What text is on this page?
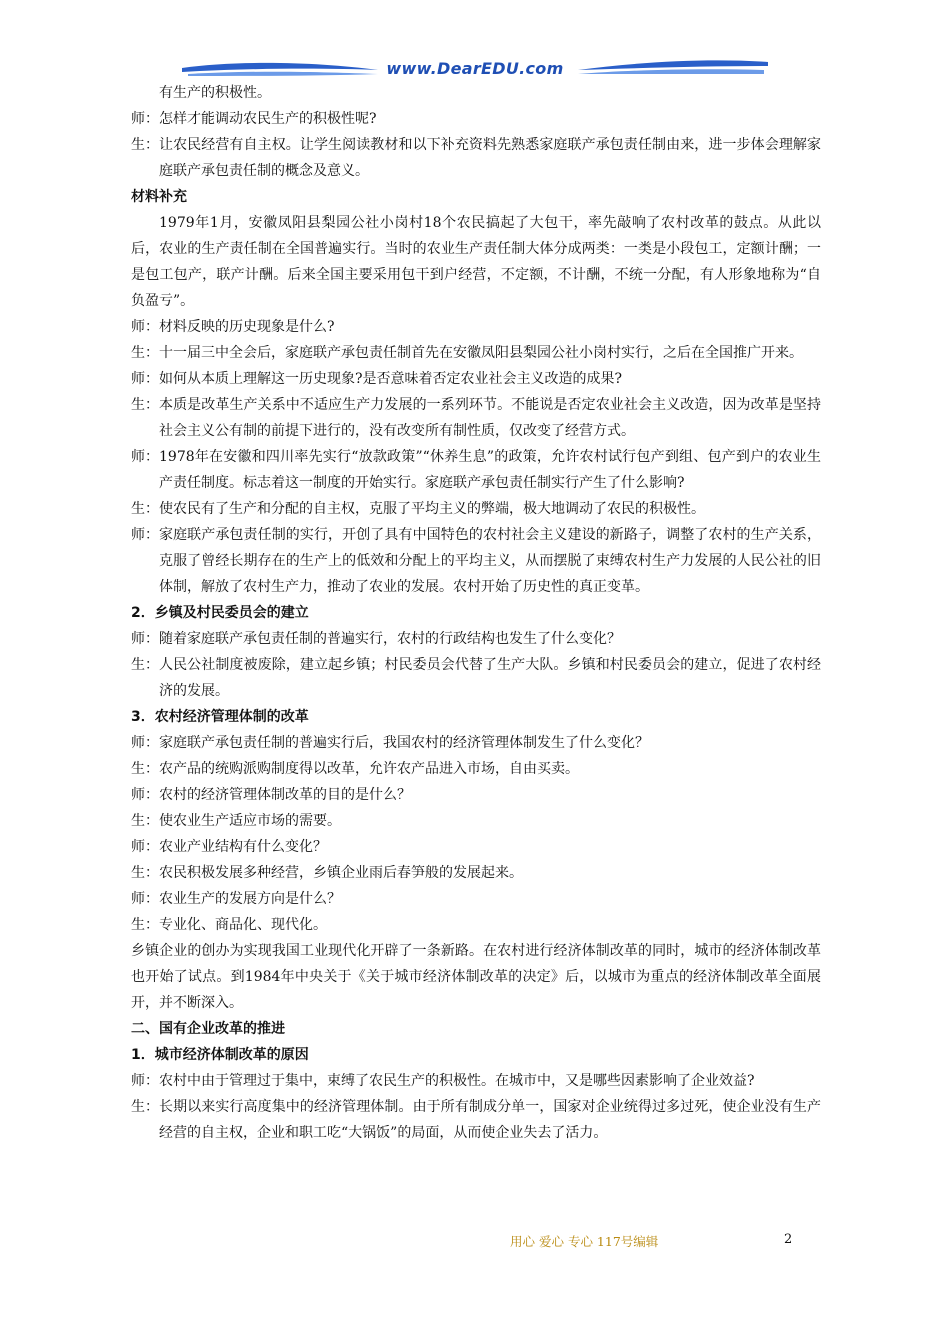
www.DearEDU.com
有生产的积极性。
师： 怎样才能调动农民生产的积极性呢?
生： 让农民经营有自主权。让学生阅读教材和以下补充资料先熟悉家庭联产承包责任制由来，进一步体会理解家庭联产承包责任制的概念及意义。
材料补充
1979年1月，安徽凤阳县梨园公社小岗村18个农民搞起了大包干，率先敲响了农村改革的鼓点。从此以后，农业的生产责任制在全国普遍实行。当时的农业生产责任制大体分成两类：一类是小段包工，定额计酬；一是包工包产，联产计酬。后来全国主要采用包干到户经营，不定额，不计酬，不统一分配，有人形象地称为“自负盈亏”。
师： 材料反映的历史现象是什么?
生： 十一届三中全会后，家庭联产承包责任制首先在安徽凤阳县梨园公社小岗村实行，之后在全国推广开来。
师： 如何从本质上理解这一历史现象?是否意味着否定农业社会主义改造的成果?
生： 本质是改革生产关系中不适应生产力发展的一系列环节。不能说是否定农业社会主义改造，因为改革是坚持社会主义公有制的前提下进行的，没有改变所有制性质，仅改变了经营方式。
师： 1978年在安徽和四川率先实行“放款政策”“休养生息”的政策，允许农村试行包产到组、包产到户的农业生产责任制度。标志着这一制度的开始实行。家庭联产承包责任制实行产生了什么影响?
生： 使农民有了生产和分配的自主权，克服了平均主义的弊端，极大地调动了农民的积极性。
师： 家庭联产承包责任制的实行，开创了具有中国特色的农村社会主义建设的新路子，调整了农村的生产关系，克服了曾经长期存在的生产上的低效和分配上的平均主义，从而摆脱了束缚农村生产力发展的人民公社的旧体制，解放了农村生产力，推动了农业的发展。农村开始了历史性的真正变革。
2．乡镇及村民委员会的建立
师： 随着家庭联产承包责任制的普遍实行，农村的行政结构也发生了什么变化？
生： 人民公社制度被废除，建立起乡镇；村民委员会代替了生产大队。乡镇和村民委员会的建立，促进了农村经济的发展。
3．农村经济管理体制的改革
师： 家庭联产承包责任制的普遍实行后，我国农村的经济管理体制发生了什么变化？
生： 农产品的统购派购制度得以改革，允许农产品进入市场，自由买卖。
师： 农村的经济管理体制改革的目的是什么？
生： 使农业生产适应市场的需要。
师： 农业产业结构有什么变化？
生： 农民积极发展多种经营，乡镇企业雨后春笋般的发展起来。
师： 农业生产的发展方向是什么？
生： 专业化、商品化、现代化。
乡镇企业的创办为实现我国工业现代化开辟了一条新路。在农村进行经济体制改革的同时，城市的经济体制改革也开始了试点。到1984年中央关于《关于城市经济体制改革的决定》后，以城市为重点的经济体制改革全面展开，并不断深入。
二、国有企业改革的推进
1．城市经济体制改革的原因
师： 农村中由于管理过于集中，束缚了农民生产的积极性。在城市中，又是哪些因素影响了企业效益?
生： 长期以来实行高度集中的经济管理体制。由于所有制成分单一，国家对企业统得过多过死，使企业没有生产经营的自主权，企业和职工吃“大锅饭”的局面，从而使企业失去了活力。
用心 爱心 专心 117号编辑	2
